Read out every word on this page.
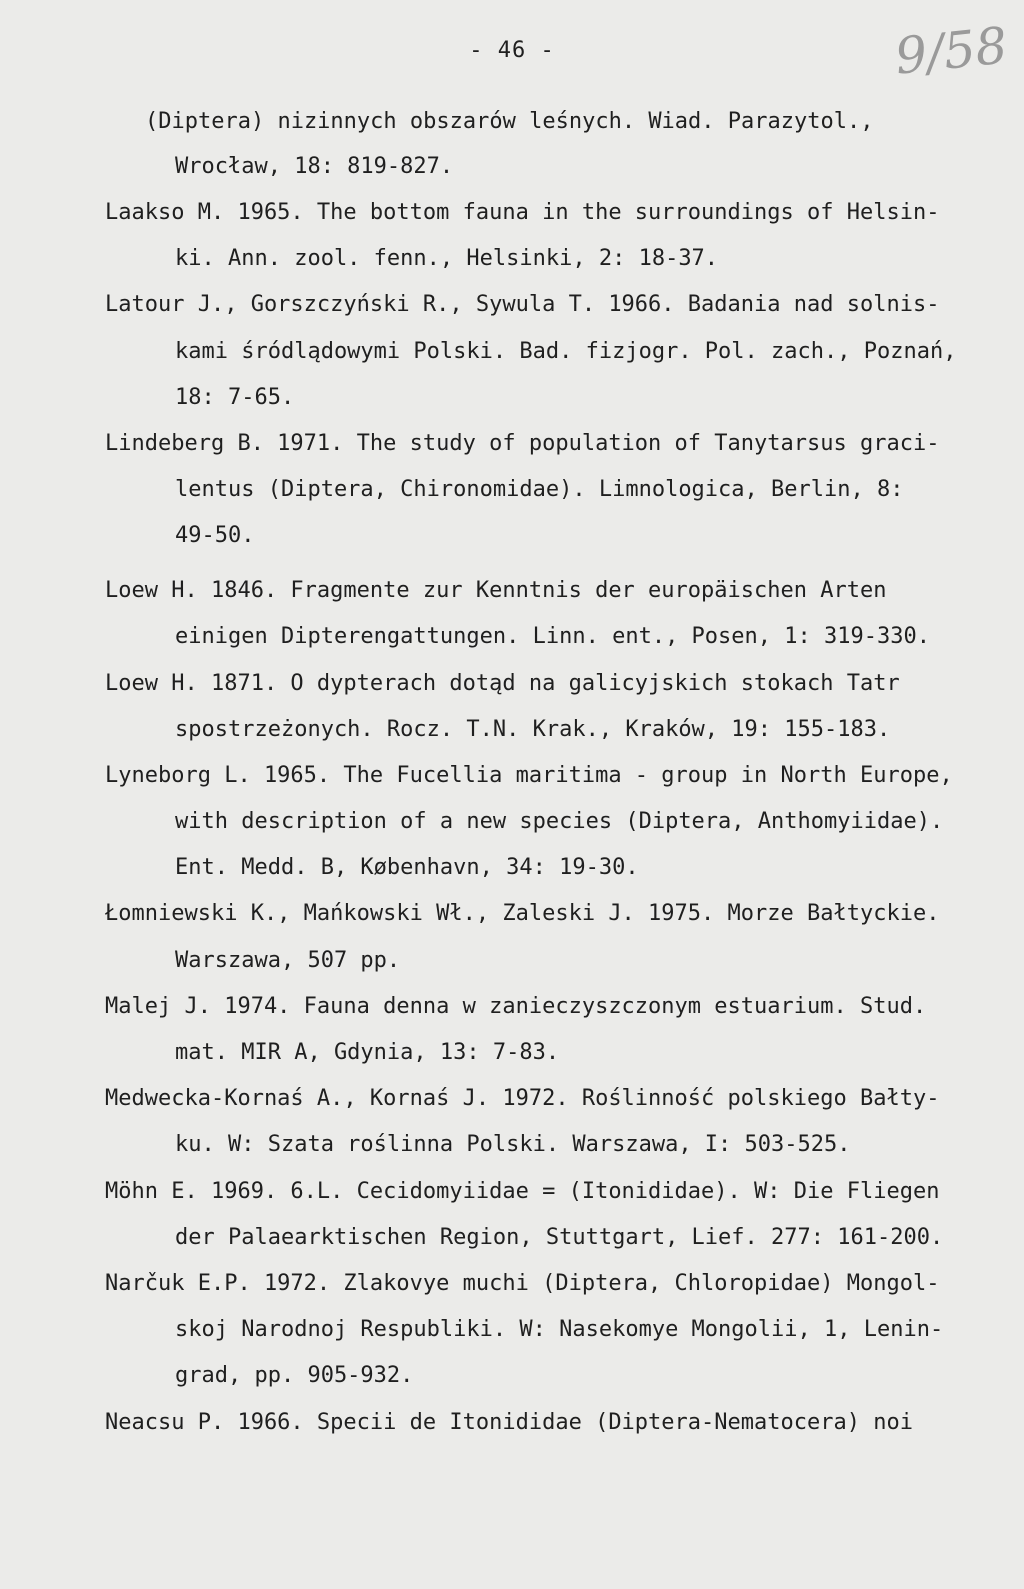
- 46 -	9/58
(Diptera) nizinnych obszarów leśnych. Wiad. Parazytol.,
Wrocław, 18: 819-827.
Laakso M. 1965. The bottom fauna in the surroundings of Helsin-
ki. Ann. zool. fenn., Helsinki, 2: 18-37.
Latour J., Gorszczyński R., Sywula T. 1966. Badania nad solnis-
kami śródlądowymi Polski. Bad. fizjogr. Pol. zach., Poznań,
18: 7-65.
Lindeberg B. 1971. The study of population of Tanytarsus graci-
lentus (Diptera, Chironomidae). Limnologica, Berlin, 8:
49-50.
Loew H. 1846. Fragmente zur Kenntnis der europäischen Arten
einigen Dipterengattungen. Linn. ent., Posen, 1: 319-330.
Loew H. 1871. O dypterach dotąd na galicyjskich stokach Tatr
spostrzeżonych. Rocz. T.N. Krak., Kraków, 19: 155-183.
Lyneborg L. 1965. The Fucellia maritima - group in North Europe,
with description of a new species (Diptera, Anthomyiidae).
Ent. Medd. B, København, 34: 19-30.
Łomniewski K., Mańkowski Wł., Zaleski J. 1975. Morze Bałtyckie.
Warszawa, 507 pp.
Malej J. 1974. Fauna denna w zanieczyszczonym estuarium. Stud.
mat. MIR A, Gdynia, 13: 7-83.
Medwecka-Kornaś A., Kornaś J. 1972. Roślinność polskiego Bałty-
ku. W: Szata roślinna Polski. Warszawa, I: 503-525.
Möhn E. 1969. 6.L. Cecidomyiidae = (Itonididae). W: Die Fliegen
der Palaearktischen Region, Stuttgart, Lief. 277: 161-200.
Narčuk E.P. 1972. Zlakovye muchi (Diptera, Chloropidae) Mongol-
skoj Narodnoj Respubliki. W: Nasekomye Mongolii, 1, Lenin-
grad, pp. 905-932.
Neacsu P. 1966. Specii de Itonididae (Diptera-Nematocera) noi
